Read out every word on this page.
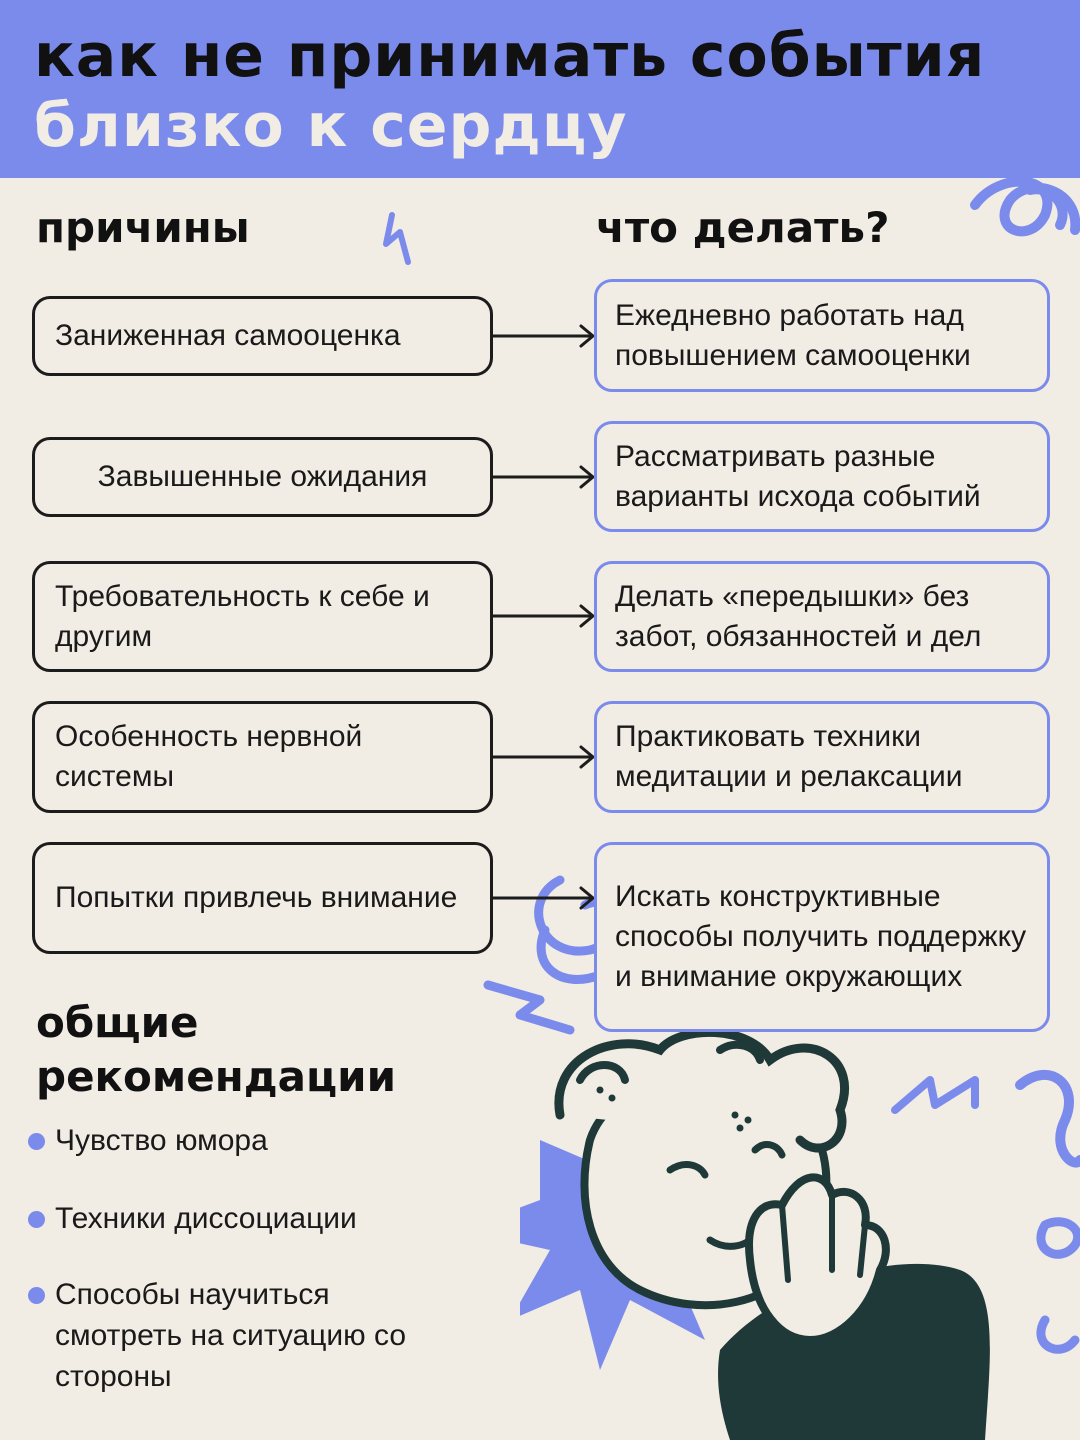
как не принимать события
близко к сердцу
причины	что делать?
Заниженная самооценка
Ежедневно работать над повышением самооценки
Завышенные ожидания
Рассматривать разные варианты исхода событий
Требовательность к себе и другим
Делать «передышки» без забот, обязанностей и дел
Особенность нервной системы
Практиковать техники медитации и релаксации
Попытки привлечь внимание	Искать конструктивные способы получить поддержку и внимание окружающих
общие рекомендации
Чувство юмора
Техники диссоциации
Способы научиться смотреть на ситуацию со стороны
